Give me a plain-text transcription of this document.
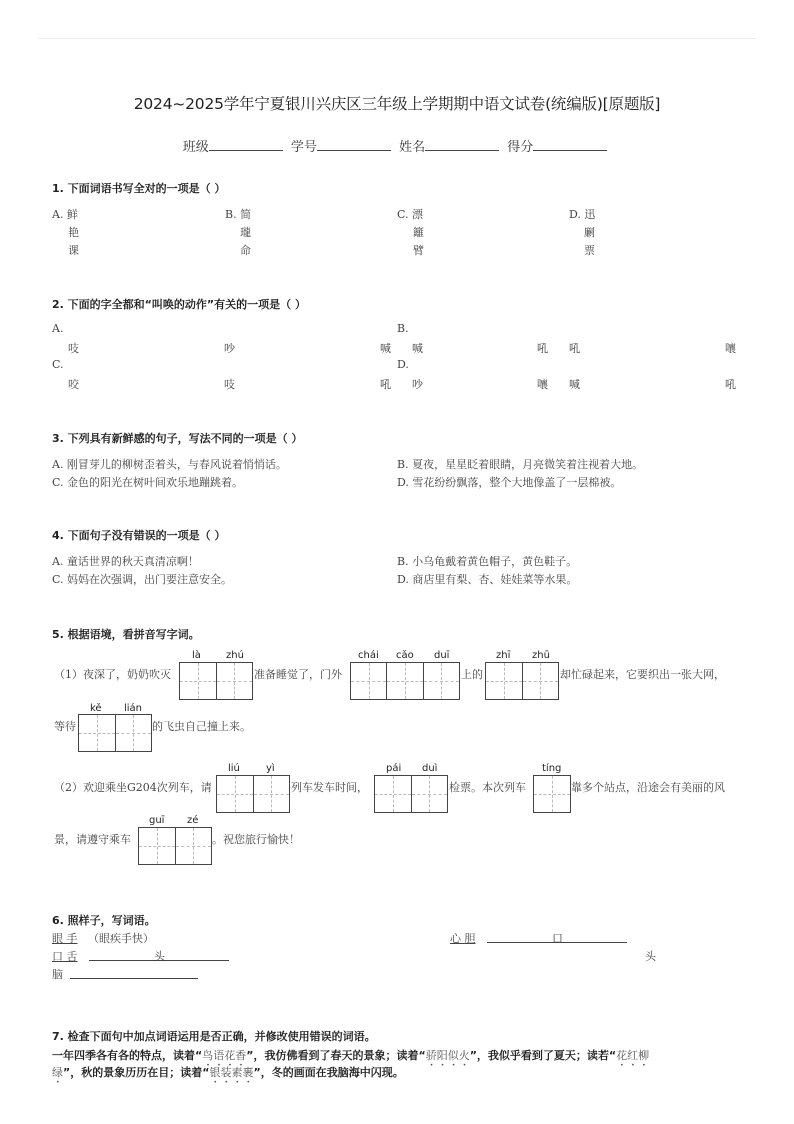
2024~2025学年宁夏银川兴庆区三年级上学期期中语文试卷(统编版)[原题版]
班级	学号	姓名	得分
1. 下面词语书写全对的一项是（ ）
A. 鲜
艳
课
B. 简
瓏
命
C. 漂
籬
臂
D. 迅
劆
票
2. 下面的字全都和“叫唤的动作”有关的一项是（ ）
A.
吱	吵	喊
B.
喊	吼 吼	嚷
C.
咬	吱	吼
D.
吵	嚷 喊	吼
3. 下列具有新鲜感的句子，写法不同的一项是（ ）
A. 刚冒芽儿的柳树歪着头，与春风说着悄悄话。	B. 夏夜，星星眨着眼睛，月亮微笑着注视着大地。
C. 金色的阳光在树叶间欢乐地蹦跳着。	D. 雪花纷纷飘落，整个大地像盖了一层棉被。
4. 下面句子没有错误的一项是（ ）
A. 童话世界的秋天真清凉啊！	B. 小乌龟戴着黄色帽子，黄色鞋子。
C. 妈妈在次强调，出门要注意安全。	D. 商店里有梨、杏、娃娃菜等水果。
5. 根据语境，看拼音写字词。
（1）夜深了，奶奶吹灭
là	zhú
准备睡觉了，门外
chái cǎo duī
上的
zhī zhū
却忙碌起来，它要织出一张大网，
等待
kě lián
的飞虫自己撞上来。
（2）欢迎乘坐G204次列车，请
liú	yì
列车发车时间，
pái duì
检票。本次列车
tíng
靠多个站点，沿途会有美丽的风
景，请遵守乘车
guī zé
。祝您旅行愉快！
6. 照样子，写词语。
眼 手 （眼疾手快）	心 胆	口
口 舌	头	头
脑
7. 检查下面句中加点词语运用是否正确，并修改使用错误的词语。
一年四季各有各的特点，读着“鸟语花香”，我仿佛看到了春天的景象；读着“骄阳似火”，我似乎看到了夏天；读若“花红柳
绿”，秋的景象历历在目；读着“银装素裹”，冬的画面在我脑海中闪现。
